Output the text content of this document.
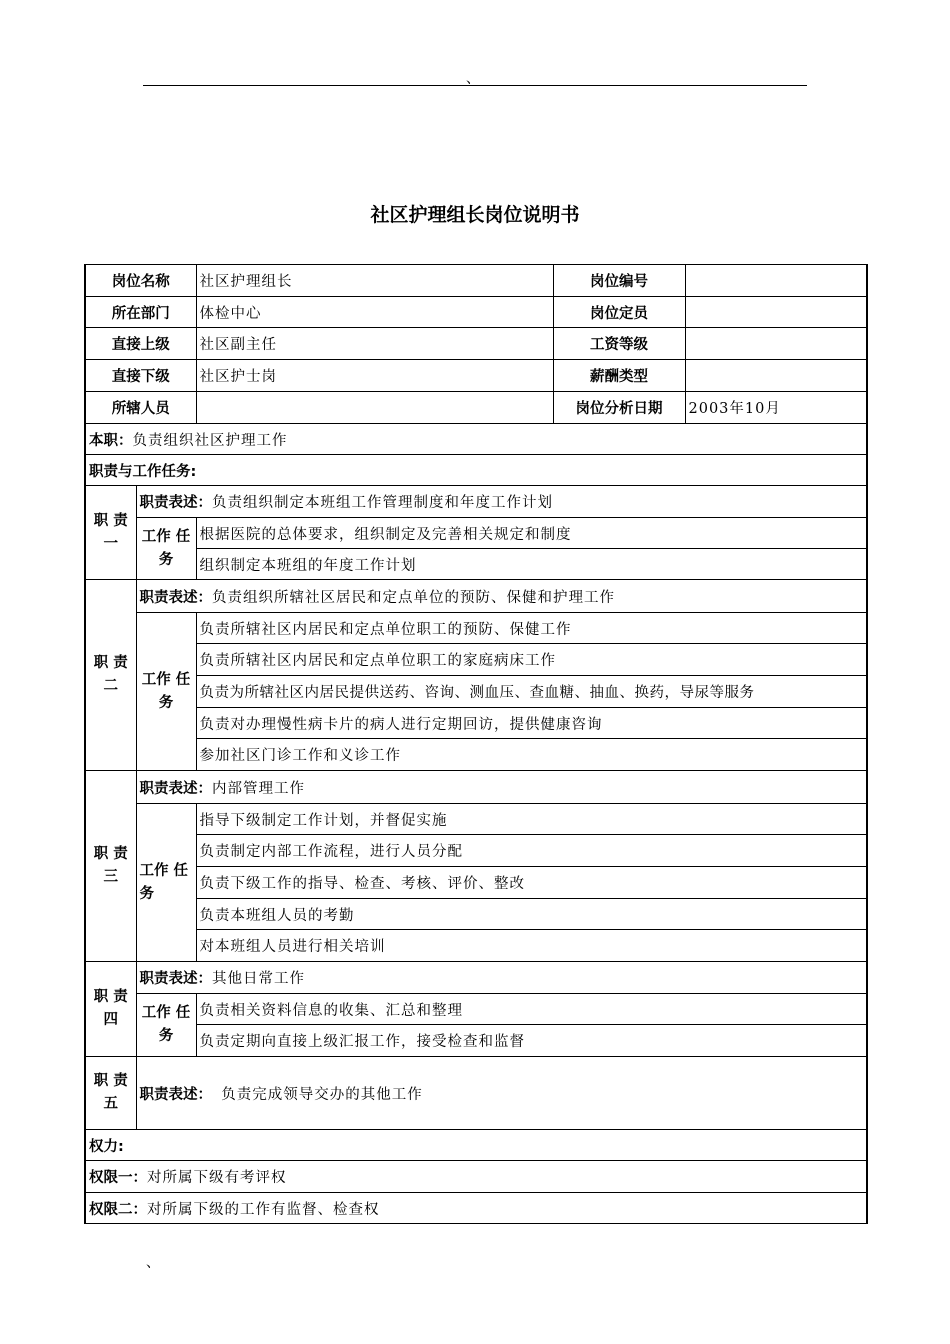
、
社区护理组长岗位说明书
岗位名称		社区护理组长	岗位编号	
所在部门		体检中心	岗位定员	
直接上级		社区副主任	工资等级	
直接下级		社区护士岗	薪酬类型	
所辖人员			岗位分析日期	2003年10月
本职：负责组织社区护理工作				
职责与工作任务:				
职 责 一	职责表述：负责组织制定本班组工作管理制度和年度工作计划			
	工作 任务	根据医院的总体要求，组织制定及完善相关规定和制度		
		组织制定本班组的年度工作计划		
职 责 二	职责表述：负责组织所辖社区居民和定点单位的预防、保健和护理工作			
	工作 任务	负责所辖社区内居民和定点单位职工的预防、保健工作		
		负责所辖社区内居民和定点单位职工的家庭病床工作		
		负责为所辖社区内居民提供送药、咨询、测血压、查血糖、抽血、换药，导尿等服务		
		负责对办理慢性病卡片的病人进行定期回访，提供健康咨询		
		参加社区门诊工作和义诊工作		
职 责 三	职责表述：内部管理工作			
	工作 任务	指导下级制定工作计划，并督促实施		
		负责制定内部工作流程，进行人员分配		
		负责下级工作的指导、检查、考核、评价、整改		
		负责本班组人员的考勤		
		对本班组人员进行相关培训		
职 责 四	职责表述：其他日常工作			
	工作 任务	负责相关资料信息的收集、汇总和整理		
		负责定期向直接上级汇报工作，接受检查和监督		
职 责 五	职责表述： 负责完成领导交办的其他工作			
权力:				
权限一：对所属下级有考评权				
权限二：对所属下级的工作有监督、检查权				
、
